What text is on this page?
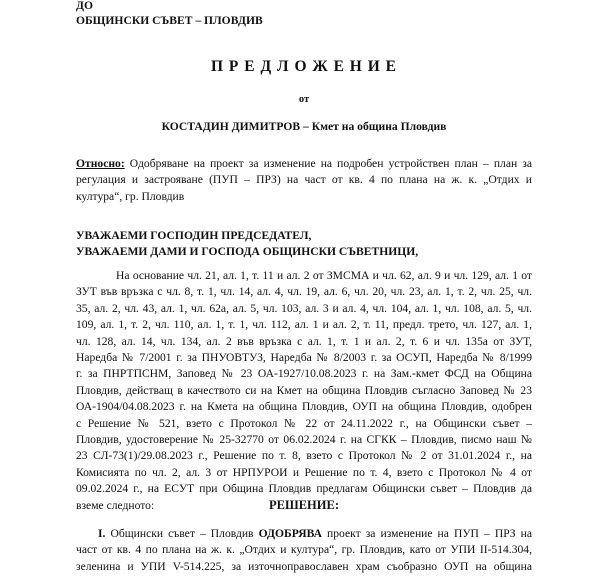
ДО
ОБЩИНСКИ СЪВЕТ – ПЛОВДИВ
П Р Е Д Л О Ж Е Н И Е
от
КОСТАДИН ДИМИТРОВ – Кмет на община Пловдив
Относно: Одобряване на проект за изменение на подробен устройствен план – план за
регулация и застрояване (ПУП – ПРЗ) на част от кв. 4 по плана на ж. к. „Отдих и
култура“, гр. Пловдив
УВАЖАЕМИ ГОСПОДИН ПРЕДСЕДАТЕЛ,
УВАЖАЕМИ ДАМИ И ГОСПОДА ОБЩИНСКИ СЪВЕТНИЦИ,
На основание чл. 21, ал. 1, т. 11 и ал. 2 от ЗМСМА и чл. 62, ал. 9 и чл. 129, ал. 1 от
ЗУТ във връзка с чл. 8, т. 1, чл. 14, ал. 4, чл. 19, ал. 6, чл. 20, чл. 23, ал. 1, т. 2, чл. 25, чл.
35, ал. 2, чл. 43, ал. 1, чл. 62а, ал. 5, чл. 103, ал. 3 и ал. 4, чл. 104, ал. 1, чл. 108, ал. 5, чл.
109, ал. 1, т. 2, чл. 110, ал. 1, т. 1, чл. 112, ал. 1 и ал. 2, т. 11, предл. трето, чл. 127, ал. 1,
чл. 128, ал. 14, чл. 134, ал. 2 във връзка с ал. 1, т. 1 и ал. 2, т. 6 и чл. 135а от ЗУТ,
Наредба № 7/2001 г. за ПНУОВТУЗ, Наредба № 8/2003 г. за ОСУП, Наредба № 8/1999
г. за ПНРТПСНМ, Заповед № 23 ОА-1927/10.08.2023 г. на Зам.-кмет ФСД на Община
Пловдив, действащ в качеството си на Кмет на община Пловдив съгласно Заповед № 23
ОА-1904/04.08.2023 г. на Кмета на община Пловдив, ОУП на община Пловдив, одобрен
с Решение № 521, взето с Протокол № 22 от 24.11.2022 г., на Общински съвет –
Пловдив, удостоверение № 25-32770 от 06.02.2024 г. на СГКК – Пловдив, писмо наш №
23 СЛ-73(1)/29.08.2023 г., Решение по т. 8, взето с Протокол № 2 от 31.01.2024 г., на
Комисията по чл. 2, ал. 3 от НРПУРОИ и Решение по т. 4, взето с Протокол № 4 от
09.02.2024 г., на ЕСУТ при Община Пловдив предлагам Общински съвет – Пловдив да
вземе следното:	РЕШЕНИЕ:
I. Общински съвет – Пловдив ОДОБРЯВА проект за изменение на ПУП – ПРЗ на
част от кв. 4 по плана на ж. к. „Отдих и култура“, гр. Пловдив, като от УПИ II-514.304,
зеленина и УПИ V-514.225, за източноправославен храм съобразно ОУП на община
